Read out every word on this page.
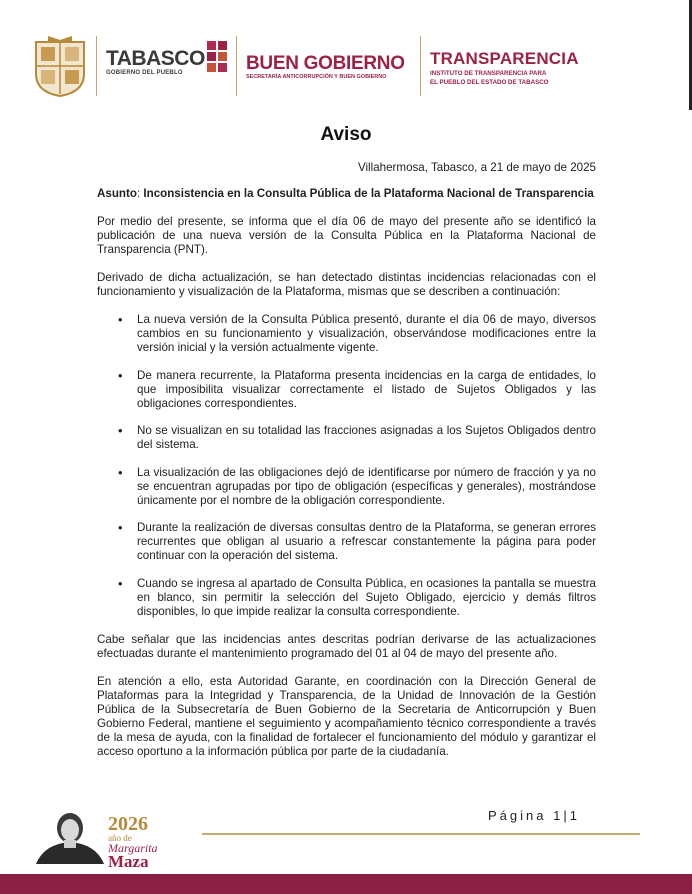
TABASCO
GOBIERNO DEL PUEBLO	BUEN GOBIERNO
SECRETARÍA ANTICORRUPCIÓN Y BUEN GOBIERNO
TRANSPARENCIA
INSTITUTO DE TRANSPARENCIA PARA
EL PUEBLO DEL ESTADO DE TABASCO
Aviso
Villahermosa, Tabasco, a 21 de mayo de 2025
Asunto: Inconsistencia en la Consulta Pública de la Plataforma Nacional de Transparencia

Por medio del presente, se informa que el día 06 de mayo del presente año se identificó la publicación de una nueva versión de la Consulta Pública en la Plataforma Nacional de Transparencia (PNT).

Derivado de dicha actualización, se han detectado distintas incidencias relacionadas con el funcionamiento y visualización de la Plataforma, mismas que se describen a continuación:

• La nueva versión de la Consulta Pública presentó, durante el día 06 de mayo, diversos cambios en su funcionamiento y visualización, observándose modificaciones entre la versión inicial y la versión actualmente vigente.
• De manera recurrente, la Plataforma presenta incidencias en la carga de entidades, lo que imposibilita visualizar correctamente el listado de Sujetos Obligados y las obligaciones correspondientes.
• No se visualizan en su totalidad las fracciones asignadas a los Sujetos Obligados dentro del sistema.
• La visualización de las obligaciones dejó de identificarse por número de fracción y ya no se encuentran agrupadas por tipo de obligación (específicas y generales), mostrándose únicamente por el nombre de la obligación correspondiente.
• Durante la realización de diversas consultas dentro de la Plataforma, se generan errores recurrentes que obligan al usuario a refrescar constantemente la página para poder continuar con la operación del sistema.
• Cuando se ingresa al apartado de Consulta Pública, en ocasiones la pantalla se muestra en blanco, sin permitir la selección del Sujeto Obligado, ejercicio y demás filtros disponibles, lo que impide realizar la consulta correspondiente.

Cabe señalar que las incidencias antes descritas podrían derivarse de las actualizaciones efectuadas durante el mantenimiento programado del 01 al 04 de mayo del presente año.

En atención a ello, esta Autoridad Garante, en coordinación con la Dirección General de Plataformas para la Integridad y Transparencia, de la Unidad de Innovación de la Gestión Pública de la Subsecretaría de Buen Gobierno de la Secretaria de Anticorrupción y Buen Gobierno Federal, mantiene el seguimiento y acompañamiento técnico correspondiente a través de la mesa de ayuda, con la finalidad de fortalecer el funcionamiento del módulo y garantizar el acceso oportuno a la información pública por parte de la ciudadanía.

Página 1|1
2026
año de
Margarita
Maza
